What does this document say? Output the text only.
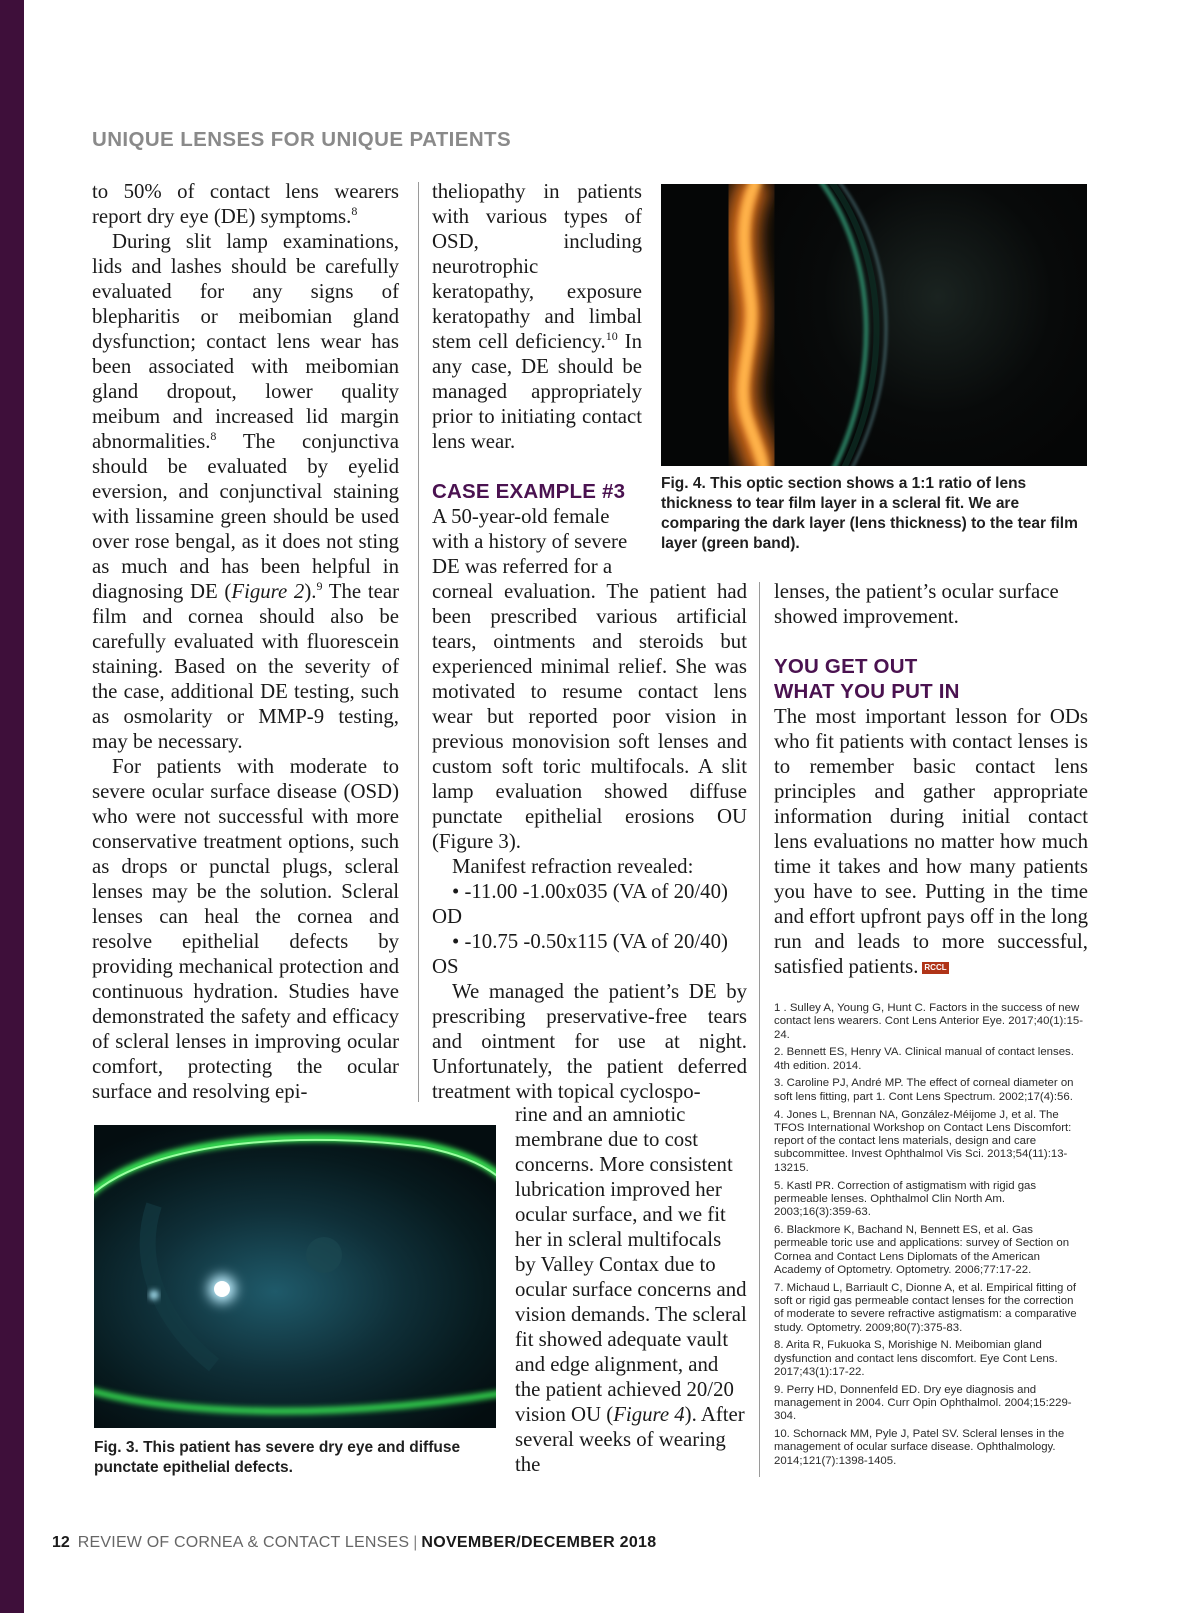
UNIQUE LENSES FOR UNIQUE PATIENTS

to 50% of contact lens wearers report dry eye (DE) symptoms.$^8$

During slit lamp examinations, lids and lashes should be carefully evaluated for any signs of blepharitis or meibomian gland dysfunction; contact lens wear has been associated with meibomian gland dropout, lower quality meibum and increased lid margin abnormalities.$^8$ The conjunctiva should be evaluated by eyelid eversion, and conjunctival staining with lissamine green should be used over rose bengal, as it does not sting as much and has been helpful in diagnosing DE (Figure 2).$^9$ The tear film and cornea should also be carefully evaluated with fluorescein staining. Based on the severity of the case, additional DE testing, such as osmolarity or MMP-9 testing, may be necessary.

For patients with moderate to severe ocular surface disease (OSD) who were not successful with more conservative treatment options, such as drops or punctal plugs, scleral lenses may be the solution. Scleral lenses can heal the cornea and resolve epithelial defects by providing mechanical protection and continuous hydration. Studies have demonstrated the safety and efficacy of scleral lenses in improving ocular comfort, protecting the ocular surface and resolving epi-

theliopathy in patients with various types of OSD, including neurotrophic keratopathy, exposure keratopathy and limbal stem cell deficiency.$^{10}$ In any case, DE should be managed appropriately prior to initiating contact lens wear.

CASE EXAMPLE #3

A 50-year-old female with a history of severe DE was referred for a

corneal evaluation. The patient had been prescribed various artificial tears, ointments and steroids but experienced minimal relief. She was motivated to resume contact lens wear but reported poor vision in previous monovision soft lenses and custom soft toric multifocals. A slit lamp evaluation showed diffuse punctate epithelial erosions OU (Figure 3).

Manifest refraction revealed:

• -11.00 -1.00x035 (VA of 20/40) OD

• -10.75 -0.50x115 (VA of 20/40) OS

We managed the patient’s DE by prescribing preservative-free tears and ointment for use at night. Unfortunately, the patient deferred treatment with topical cyclospo-

rine and an amniotic membrane due to cost concerns. More consistent lubrication improved her ocular surface, and we fit her in scleral multifocals by Valley Contax due to ocular surface concerns and vision demands. The scleral fit showed adequate vault and edge alignment, and the patient achieved 20/20 vision OU (Figure 4). After several weeks of wearing the

lenses, the patient’s ocular surface showed improvement.

YOU GET OUT
WHAT YOU PUT IN

The most important lesson for ODs who fit patients with contact lenses is to remember basic contact lens principles and gather appropriate information during initial contact lens evaluations no matter how much time it takes and how many patients you have to see. Putting in the time and effort upfront pays off in the long run and leads to more successful, satisfied patients. RCCL

Fig. 4. This optic section shows a 1:1 ratio of lens thickness to tear film layer in a scleral fit. We are comparing the dark layer (lens thickness) to the tear film layer (green band).

Fig. 3. This patient has severe dry eye and diffuse punctate epithelial defects.

1 . Sulley A, Young G, Hunt C. Factors in the success of new contact lens wearers. Cont Lens Anterior Eye. 2017;40(1):15-24.
2. Bennett ES, Henry VA. Clinical manual of contact lenses. 4th edition. 2014.
3. Caroline PJ, André MP. The effect of corneal diameter on soft lens fitting, part 1. Cont Lens Spectrum. 2002;17(4):56.
4. Jones L, Brennan NA, González-Méijome J, et al. The TFOS International Workshop on Contact Lens Discomfort: report of the contact lens materials, design and care subcommittee. Invest Ophthalmol Vis Sci. 2013;54(11):13-13215.
5. Kastl PR. Correction of astigmatism with rigid gas permeable lenses. Ophthalmol Clin North Am. 2003;16(3):359-63.
6. Blackmore K, Bachand N, Bennett ES, et al. Gas permeable toric use and applications: survey of Section on Cornea and Contact Lens Diplomats of the American Academy of Optometry. Optometry. 2006;77:17-22.
7. Michaud L, Barriault C, Dionne A, et al. Empirical fitting of soft or rigid gas permeable contact lenses for the correction of moderate to severe refractive astigmatism: a comparative study. Optometry. 2009;80(7):375-83.
8. Arita R, Fukuoka S, Morishige N. Meibomian gland dysfunction and contact lens discomfort. Eye Cont Lens. 2017;43(1):17-22.
9. Perry HD, Donnenfeld ED. Dry eye diagnosis and management in 2004. Curr Opin Ophthalmol. 2004;15:229-304.
10. Schornack MM, Pyle J, Patel SV. Scleral lenses in the management of ocular surface disease. Ophthalmology. 2014;121(7):1398-1405.
12 REVIEW OF CORNEA & CONTACT LENSES | NOVEMBER/DECEMBER 2018
